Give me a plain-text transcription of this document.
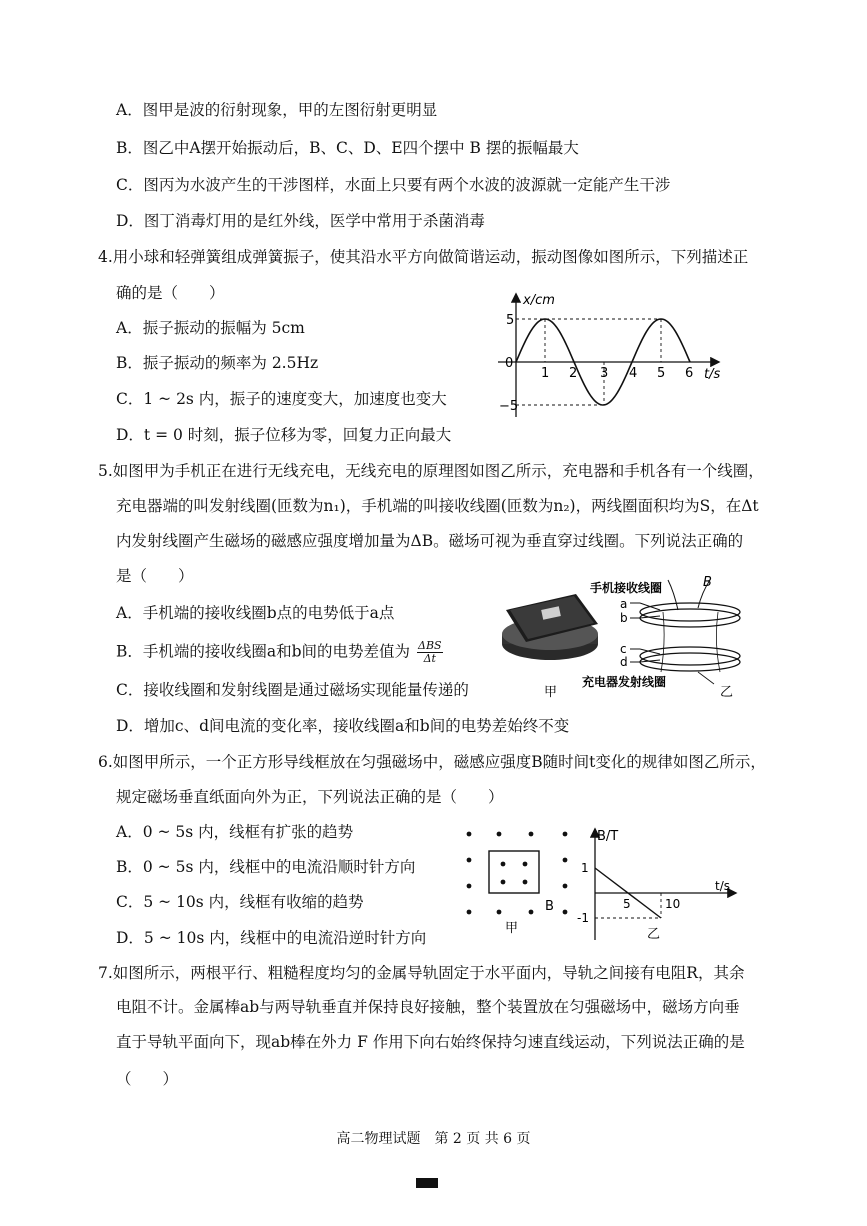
A．图甲是波的衍射现象，甲的左图衍射更明显
B．图乙中A摆开始振动后，B、C、D、E四个摆中 B 摆的振幅最大
C．图丙为水波产生的干涉图样，水面上只要有两个水波的波源就一定能产生干涉
D．图丁消毒灯用的是红外线，医学中常用于杀菌消毒
4.用小球和轻弹簧组成弹簧振子，使其沿水平方向做简谐运动，振动图像如图所示，下列描述正
确的是（　　）
A．振子振动的振幅为 5cm
B．振子振动的频率为 2.5Hz
C．1 ~ 2s 内，振子的速度变大，加速度也变大
D．t = 0 时刻，振子位移为零，回复力正向最大
x/cm
t/s
0
5
−5
1 2 3 4 5 6
5.如图甲为手机正在进行无线充电，无线充电的原理图如图乙所示，充电器和手机各有一个线圈，
充电器端的叫发射线圈(匝数为n₁)，手机端的叫接收线圈(匝数为n₂)，两线圈面积均为S，在Δt
内发射线圈产生磁场的磁感应强度增加量为ΔB。磁场可视为垂直穿过线圈。下列说法正确的
是（　　）
A．手机端的接收线圈b点的电势低于a点
B．手机端的接收线圈a和b间的电势差值为 ΔBS
Δt
C．接收线圈和发射线圈是通过磁场实现能量传递的
D．增加c、d间电流的变化率，接收线圈a和b间的电势差始终不变
甲
手机接收线圈	B
a
b
c
d
充电器发射线圈
乙
6.如图甲所示，一个正方形导线框放在匀强磁场中，磁感应强度B随时间t变化的规律如图乙所示，
规定磁场垂直纸面向外为正，下列说法正确的是（　　）
A．0 ~ 5s 内，线框有扩张的趋势
B．0 ~ 5s 内，线框中的电流沿顺时针方向
C．5 ~ 10s 内，线框有收缩的趋势
D．5 ~ 10s 内，线框中的电流沿逆时针方向
B
甲
B/T
t/s
1
-1
5	10
乙
7.如图所示，两根平行、粗糙程度均匀的金属导轨固定于水平面内，导轨之间接有电阻R，其余
电阻不计。金属棒ab与两导轨垂直并保持良好接触，整个装置放在匀强磁场中，磁场方向垂
直于导轨平面向下，现ab棒在外力 F 作用下向右始终保持匀速直线运动，下列说法正确的是
（　　）
高二物理试题　第 2 页 共 6 页
